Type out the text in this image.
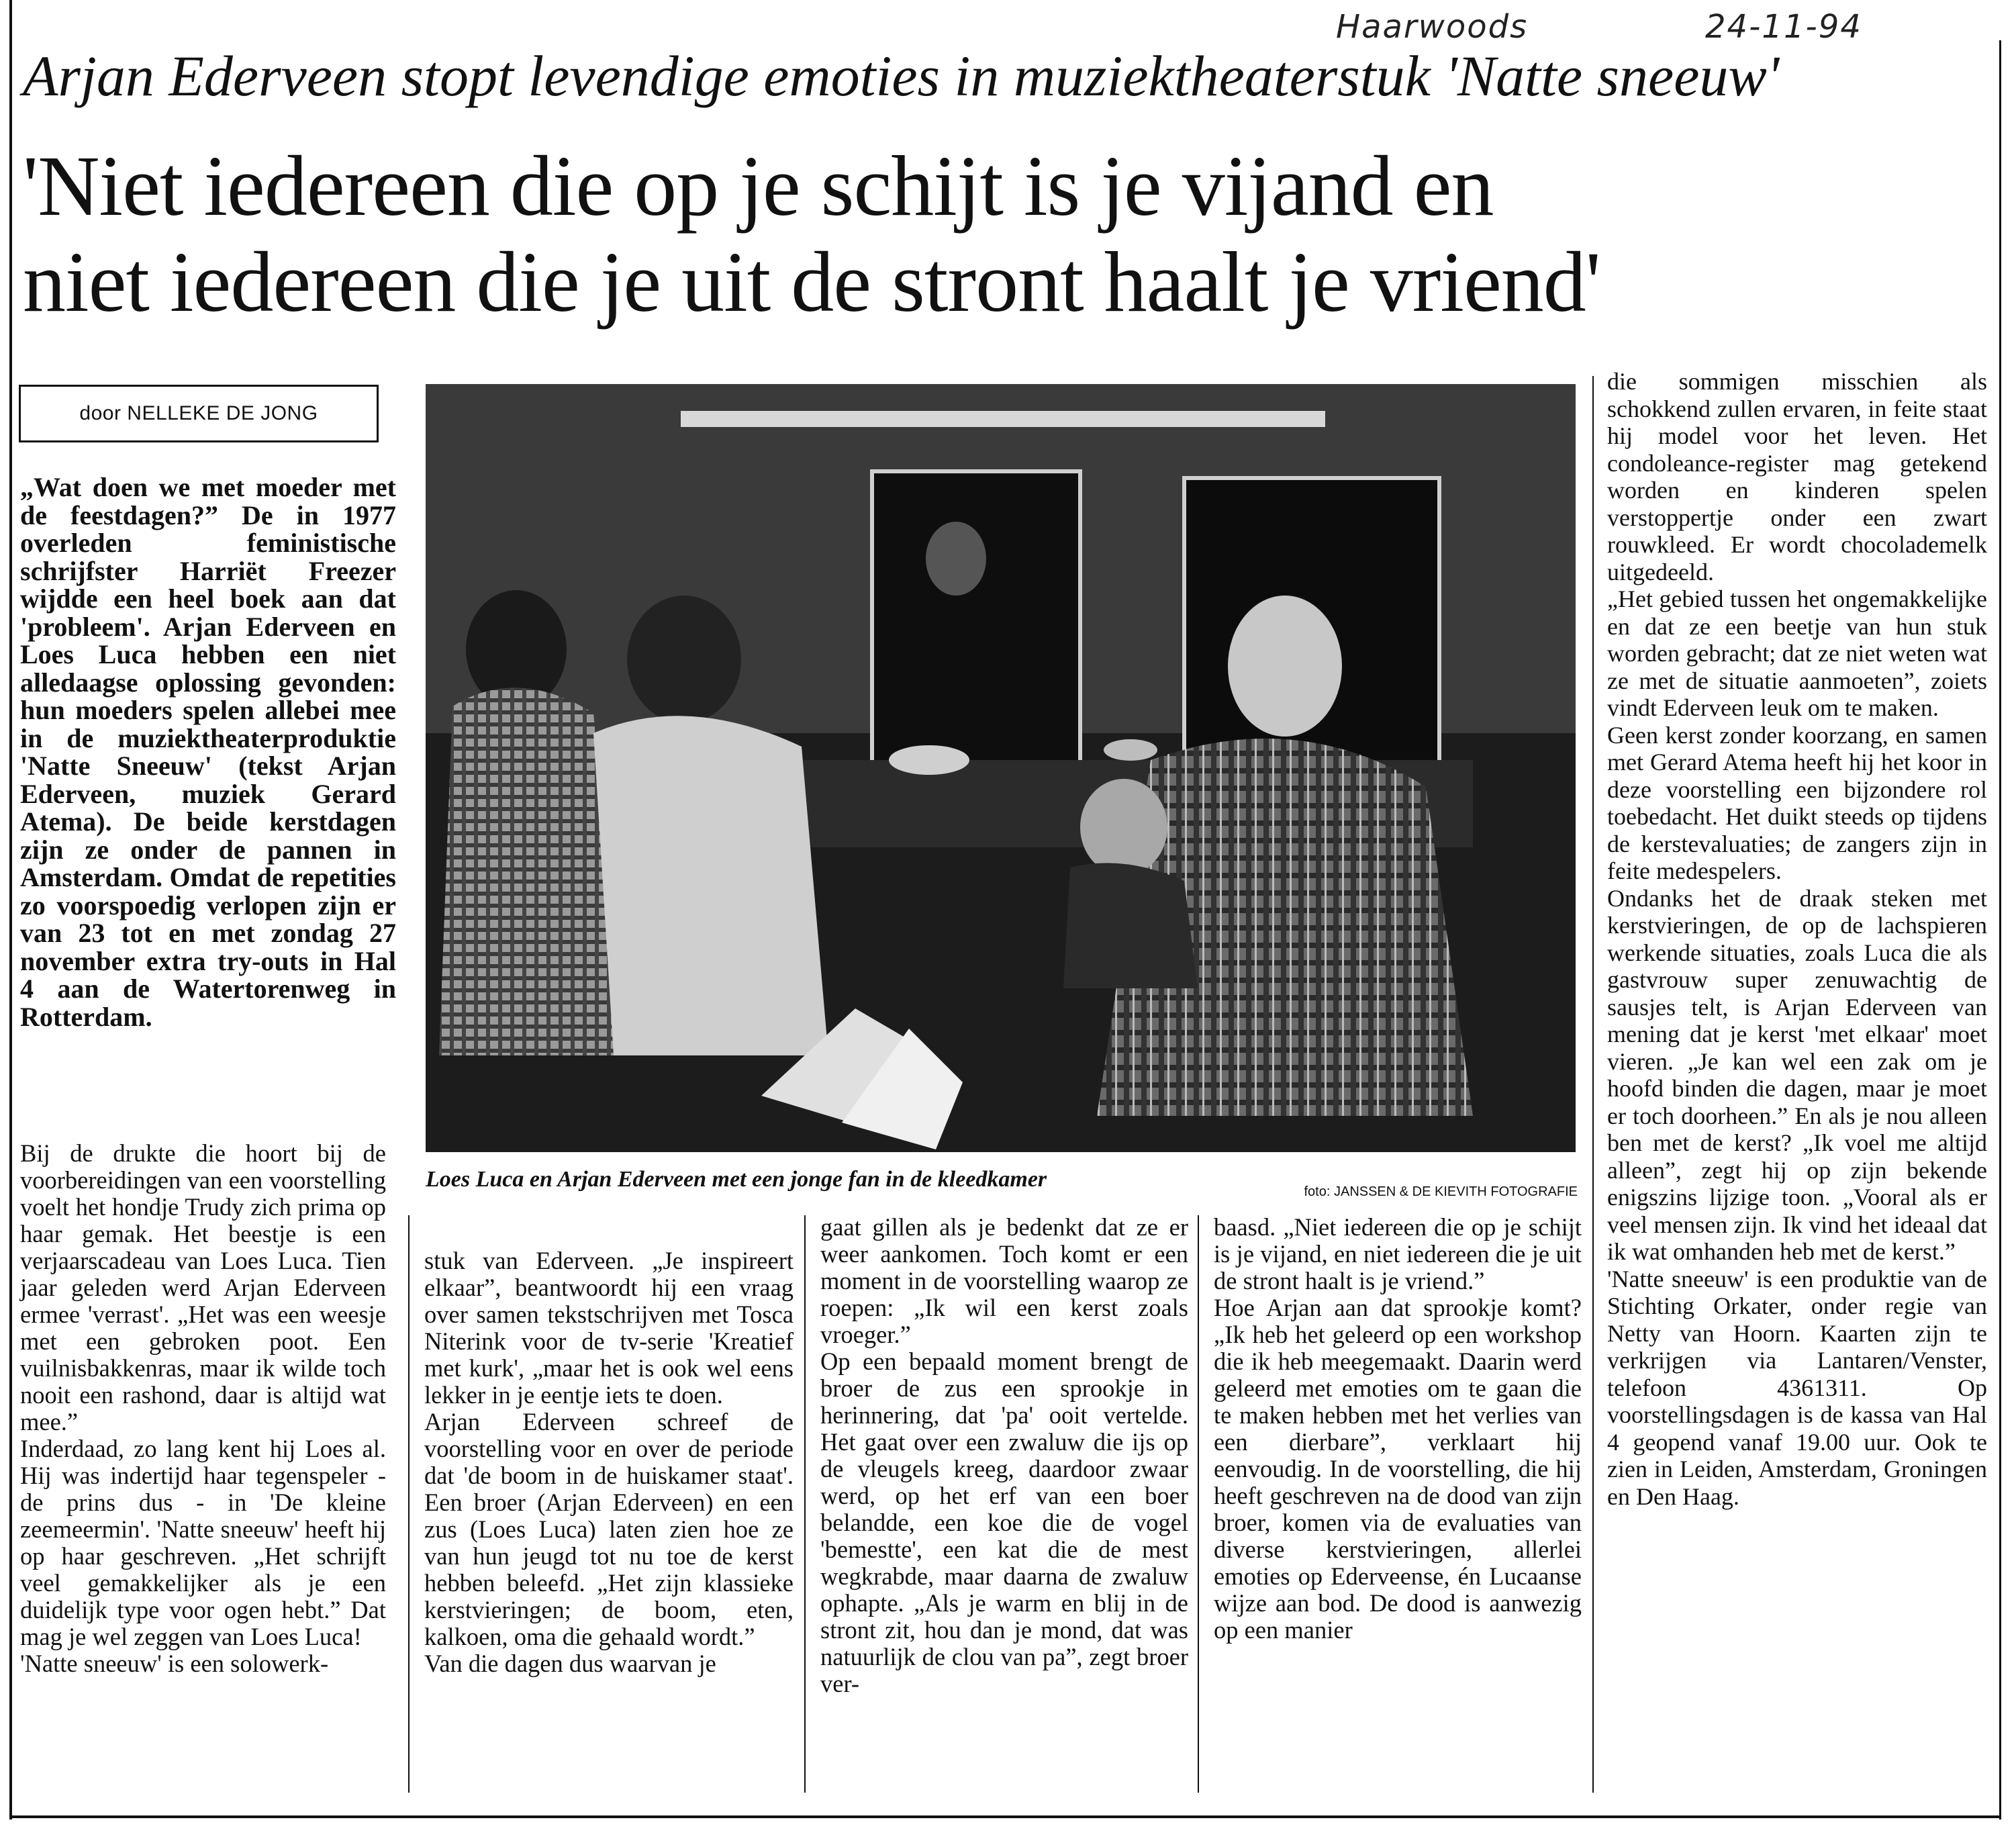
Haarwoods	24-11-94
Arjan Ederveen stopt levendige emoties in muziektheaterstuk 'Natte sneeuw'
'Niet iedereen die op je schijt is je vijand en
niet iedereen die je uit de stront haalt je vriend'
door NELLEKE DE JONG
„Wat doen we met moeder met de feestdagen?” De in 1977 overleden feministische schrijfster Harriët Freezer wijdde een heel boek aan dat 'probleem'. Arjan Ederveen en Loes Luca hebben een niet alledaagse oplossing gevonden: hun moeders spelen allebei mee in de muziektheaterproduktie 'Natte Sneeuw' (tekst Arjan Ederveen, muziek Gerard Atema). De beide kerstdagen zijn ze onder de pannen in Amsterdam. Omdat de repetities zo voorspoedig verlopen zijn er van 23 tot en met zondag 27 november extra try-outs in Hal 4 aan de Watertorenweg in Rotterdam.
Loes Luca en Arjan Ederveen met een jonge fan in de kleedkamer	foto: JANSSEN & DE KIEVITH FOTOGRAFIE

Bij de drukte die hoort bij de voorbereidingen van een voorstelling voelt het hondje Trudy zich prima op haar gemak. Het beestje is een verjaarscadeau van Loes Luca. Tien jaar geleden werd Arjan Ederveen ermee 'verrast'. „Het was een weesje met een gebroken poot. Een vuilnisbakkenras, maar ik wilde toch nooit een rashond, daar is altijd wat mee.”

Inderdaad, zo lang kent hij Loes al. Hij was indertijd haar tegenspeler - de prins dus - in 'De kleine zeemeermin'. 'Natte sneeuw' heeft hij op haar geschreven. „Het schrijft veel gemakkelijker als je een duidelijk type voor ogen hebt.” Dat mag je wel zeggen van Loes Luca!

'Natte sneeuw' is een solowerk-

stuk van Ederveen. „Je inspireert elkaar”, beantwoordt hij een vraag over samen tekstschrijven met Tosca Niterink voor de tv-serie 'Kreatief met kurk', „maar het is ook wel eens lekker in je eentje iets te doen.

Arjan Ederveen schreef de voorstelling voor en over de periode dat 'de boom in de huiskamer staat'. Een broer (Arjan Ederveen) en een zus (Loes Luca) laten zien hoe ze van hun jeugd tot nu toe de kerst hebben beleefd. „Het zijn klassieke kerstvieringen; de boom, eten, kalkoen, oma die gehaald wordt.”

Van die dagen dus waarvan je

gaat gillen als je bedenkt dat ze er weer aankomen. Toch komt er een moment in de voorstelling waarop ze roepen: „Ik wil een kerst zoals vroeger.”

Op een bepaald moment brengt de broer de zus een sprookje in herinnering, dat 'pa' ooit vertelde. Het gaat over een zwaluw die ijs op de vleugels kreeg, daardoor zwaar werd, op het erf van een boer belandde, een koe die de vogel 'bemestte', een kat die de mest wegkrabde, maar daarna de zwaluw ophapte. „Als je warm en blij in de stront zit, hou dan je mond, dat was natuurlijk de clou van pa”, zegt broer ver-

baasd. „Niet iedereen die op je schijt is je vijand, en niet iedereen die je uit de stront haalt is je vriend.”

Hoe Arjan aan dat sprookje komt? „Ik heb het geleerd op een workshop die ik heb meegemaakt. Daarin werd geleerd met emoties om te gaan die te maken hebben met het verlies van een dierbare”, verklaart hij eenvoudig. In de voorstelling, die hij heeft geschreven na de dood van zijn broer, komen via de evaluaties van diverse kerstvieringen, allerlei emoties op Ederveense, én Lucaanse wijze aan bod. De dood is aanwezig op een manier

die sommigen misschien als schokkend zullen ervaren, in feite staat hij model voor het leven. Het condoleance-register mag getekend worden en kinderen spelen verstoppertje onder een zwart rouwkleed. Er wordt chocolademelk uitgedeeld.

„Het gebied tussen het ongemakkelijke en dat ze een beetje van hun stuk worden gebracht; dat ze niet weten wat ze met de situatie aanmoeten”, zoiets vindt Ederveen leuk om te maken.

Geen kerst zonder koorzang, en samen met Gerard Atema heeft hij het koor in deze voorstelling een bijzondere rol toebedacht. Het duikt steeds op tijdens de kerstevaluaties; de zangers zijn in feite medespelers.

Ondanks het de draak steken met kerstvieringen, de op de lachspieren werkende situaties, zoals Luca die als gastvrouw super zenuwachtig de sausjes telt, is Arjan Ederveen van mening dat je kerst 'met elkaar' moet vieren. „Je kan wel een zak om je hoofd binden die dagen, maar je moet er toch doorheen.” En als je nou alleen ben met de kerst? „Ik voel me altijd alleen”, zegt hij op zijn bekende enigszins lijzige toon. „Vooral als er veel mensen zijn. Ik vind het ideaal dat ik wat omhanden heb met de kerst.”

'Natte sneeuw' is een produktie van de Stichting Orkater, onder regie van Netty van Hoorn. Kaarten zijn te verkrijgen via Lantaren/Venster, telefoon 4361311. Op voorstellingsdagen is de kassa van Hal 4 geopend vanaf 19.00 uur. Ook te zien in Leiden, Amsterdam, Groningen en Den Haag.
